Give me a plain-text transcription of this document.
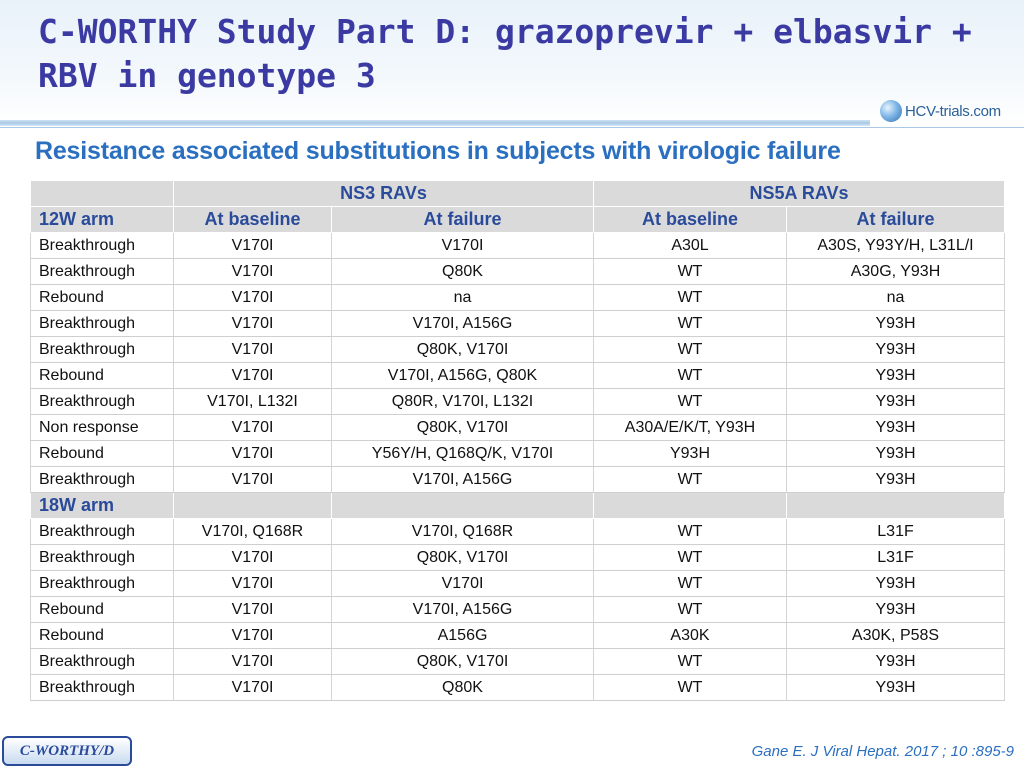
C-WORTHY Study Part D: grazoprevir + elbasvir + RBV in genotype 3
HCV-trials.com
Resistance associated substitutions in subjects with virologic failure
	NS3 RAVs		NS5A RAVs	
12W arm	At baseline	At failure	At baseline	At failure
Breakthrough	V170I	V170I	A30L	A30S, Y93Y/H, L31L/I
Breakthrough	V170I	Q80K	WT	A30G, Y93H
Rebound	V170I	na	WT	na
Breakthrough	V170I	V170I, A156G	WT	Y93H
Breakthrough	V170I	Q80K, V170I	WT	Y93H
Rebound	V170I	V170I, A156G, Q80K	WT	Y93H
Breakthrough	V170I, L132I	Q80R, V170I, L132I	WT	Y93H
Non response	V170I	Q80K, V170I	A30A/E/K/T, Y93H	Y93H
Rebound	V170I	Y56Y/H, Q168Q/K, V170I	Y93H	Y93H
Breakthrough	V170I	V170I, A156G	WT	Y93H
18W arm				
Breakthrough	V170I, Q168R	V170I, Q168R	WT	L31F
Breakthrough	V170I	Q80K, V170I	WT	L31F
Breakthrough	V170I	V170I	WT	Y93H
Rebound	V170I	V170I, A156G	WT	Y93H
Rebound	V170I	A156G	A30K	A30K, P58S
Breakthrough	V170I	Q80K, V170I	WT	Y93H
Breakthrough	V170I	Q80K	WT	Y93H
C-WORTHY/D	Gane E. J Viral Hepat. 2017 ; 10 :895-9
